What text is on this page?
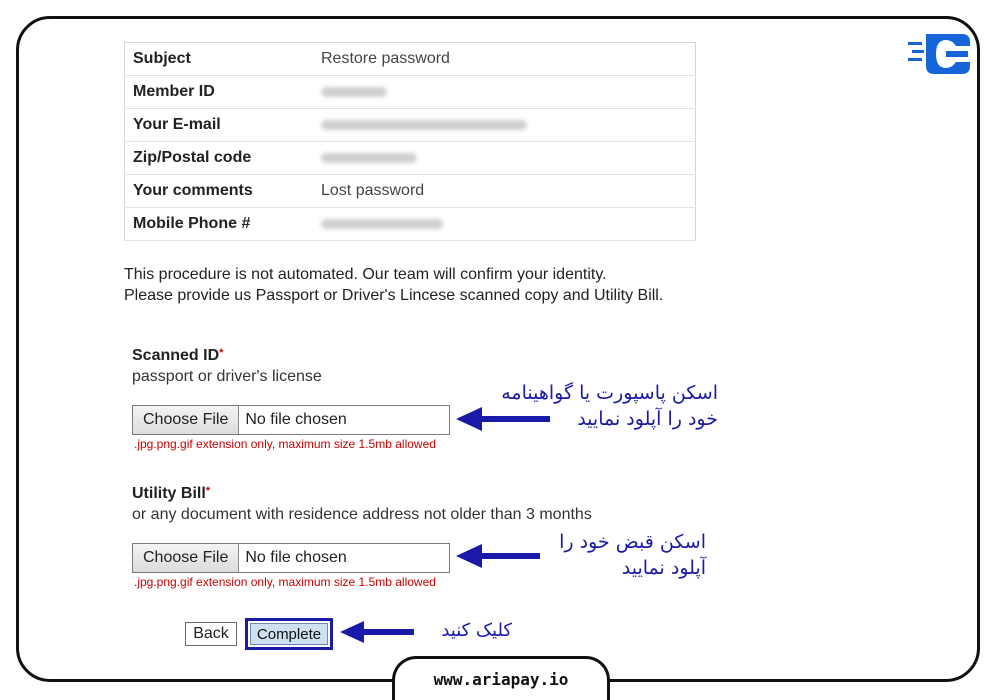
Subject	Restore password
Member ID	
Your E-mail	
Zip/Postal code	
Your comments	Lost password
Mobile Phone #	
This procedure is not automated. Our team will confirm your identity.
Please provide us Passport or Driver's Lincese scanned copy and Utility Bill.
Scanned ID*
passport or driver's license
Choose File	No file chosen
.jpg.png.gif extension only, maximum size 1.5mb allowed
اسکن پاسپورت یا گواهینامه
خود را آپلود نمایید
Utility Bill*
or any document with residence address not older than 3 months
Choose File	No file chosen
.jpg.png.gif extension only, maximum size 1.5mb allowed
اسکن قبض خود را
آپلود نمایید
Back	Complete	کلیک کنید
www.ariapay.io
